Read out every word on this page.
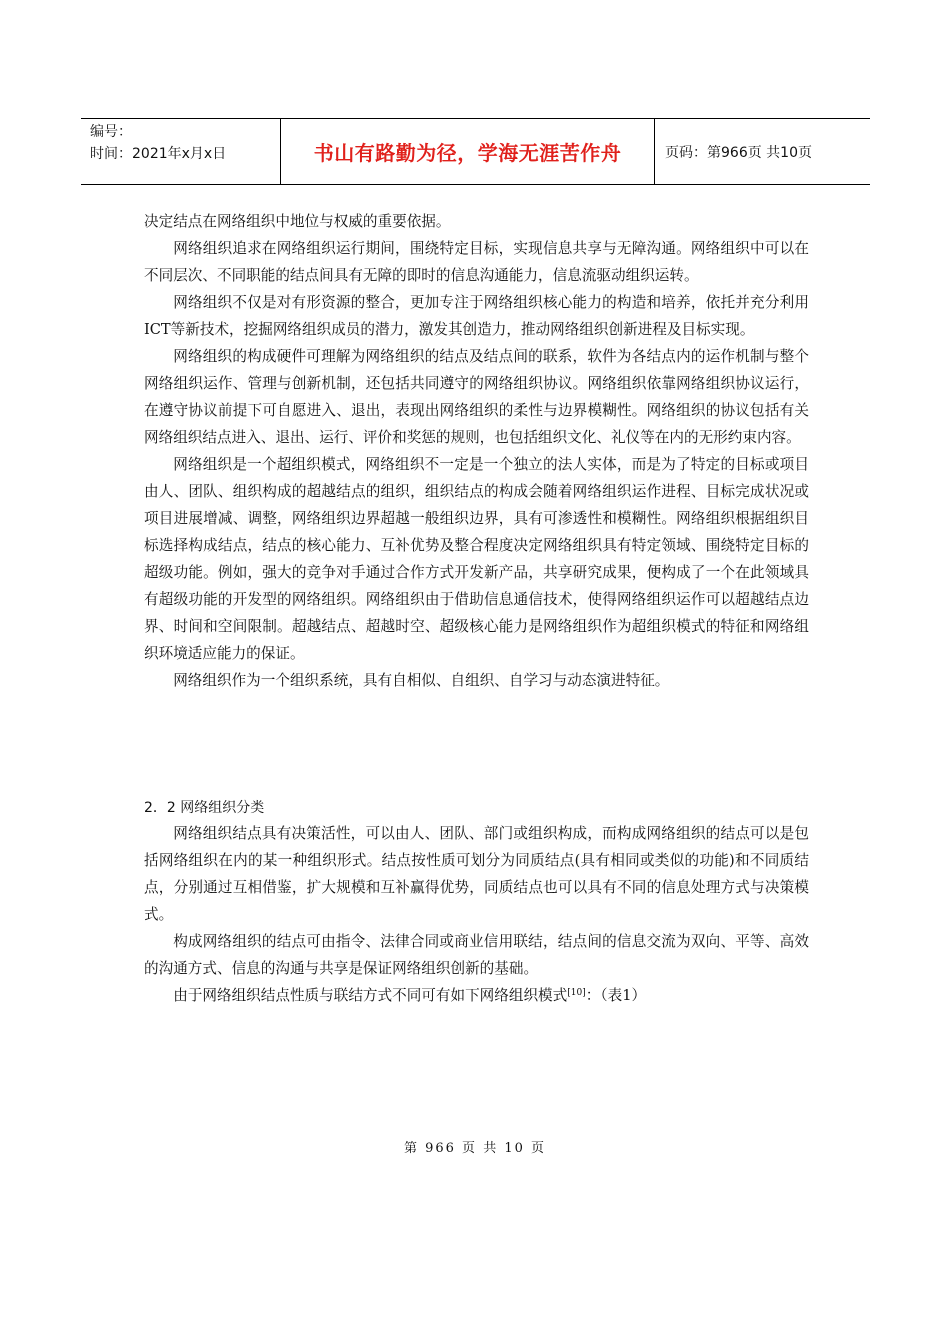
编号：
时间：2021年x月x日	书山有路勤为径，学海无涯苦作舟	页码：第966页 共10页

决定结点在网络组织中地位与权威的重要依据。

网络组织追求在网络组织运行期间，围绕特定目标，实现信息共享与无障沟通。网络组织中可以在不同层次、不同职能的结点间具有无障的即时的信息沟通能力，信息流驱动组织运转。

网络组织不仅是对有形资源的整合，更加专注于网络组织核心能力的构造和培养，依托并充分利用ICT等新技术，挖掘网络组织成员的潜力，激发其创造力，推动网络组织创新进程及目标实现。

网络组织的构成硬件可理解为网络组织的结点及结点间的联系，软件为各结点内的运作机制与整个网络组织运作、管理与创新机制，还包括共同遵守的网络组织协议。网络组织依靠网络组织协议运行，在遵守协议前提下可自愿进入、退出，表现出网络组织的柔性与边界模糊性。网络组织的协议包括有关网络组织结点进入、退出、运行、评价和奖惩的规则，也包括组织文化、礼仪等在内的无形约束内容。

网络组织是一个超组织模式，网络组织不一定是一个独立的法人实体，而是为了特定的目标或项目由人、团队、组织构成的超越结点的组织，组织结点的构成会随着网络组织运作进程、目标完成状况或项目进展增减、调整，网络组织边界超越一般组织边界，具有可渗透性和模糊性。网络组织根据组织目标选择构成结点，结点的核心能力、互补优势及整合程度决定网络组织具有特定领域、围绕特定目标的超级功能。例如，强大的竞争对手通过合作方式开发新产品，共享研究成果，便构成了一个在此领域具有超级功能的开发型的网络组织。网络组织由于借助信息通信技术，使得网络组织运作可以超越结点边界、时间和空间限制。超越结点、超越时空、超级核心能力是网络组织作为超组织模式的特征和网络组织环境适应能力的保证。

网络组织作为一个组织系统，具有自相似、自组织、自学习与动态演进特征。

2．2 网络组织分类

网络组织结点具有决策活性，可以由人、团队、部门或组织构成，而构成网络组织的结点可以是包括网络组织在内的某一种组织形式。结点按性质可划分为同质结点(具有相同或类似的功能)和不同质结点，分别通过互相借鉴，扩大规模和互补赢得优势，同质结点也可以具有不同的信息处理方式与决策模式。

构成网络组织的结点可由指令、法律合同或商业信用联结，结点间的信息交流为双向、平等、高效的沟通方式、信息的沟通与共享是保证网络组织创新的基础。

由于网络组织结点性质与联结方式不同可有如下网络组织模式[10]：（表1）

第 966 页 共 10 页
